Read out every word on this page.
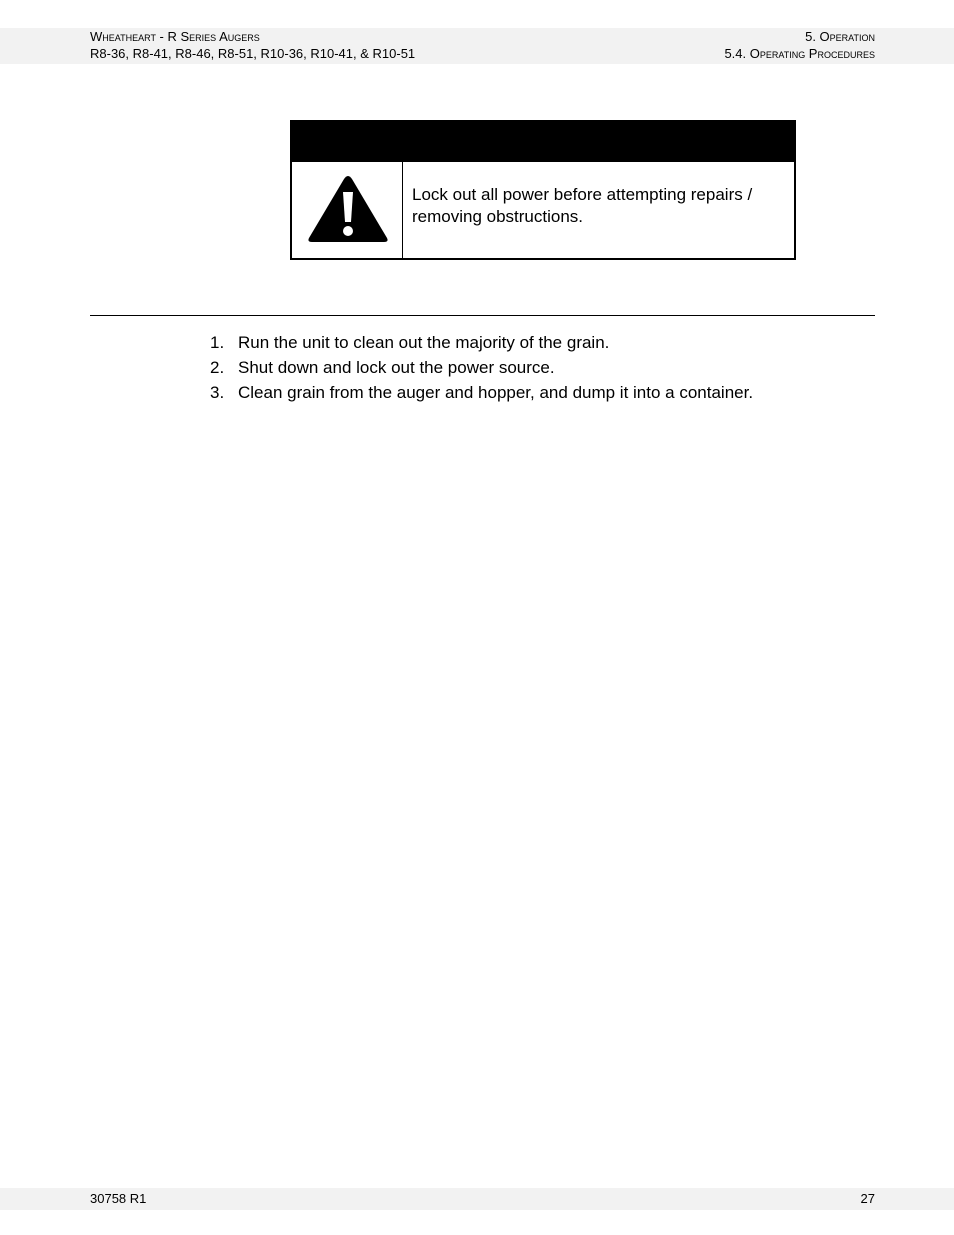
Wheatheart - R Series Augers
R8-36, R8-41, R8-46, R8-51, R10-36, R10-41, & R10-51
5. Operation
5.4. Operating Procedures
Lock out all power before attempting repairs / removing obstructions.
1. Run the unit to clean out the majority of the grain.
2. Shut down and lock out the power source.
3. Clean grain from the auger and hopper, and dump it into a container.
30758 R1	27
